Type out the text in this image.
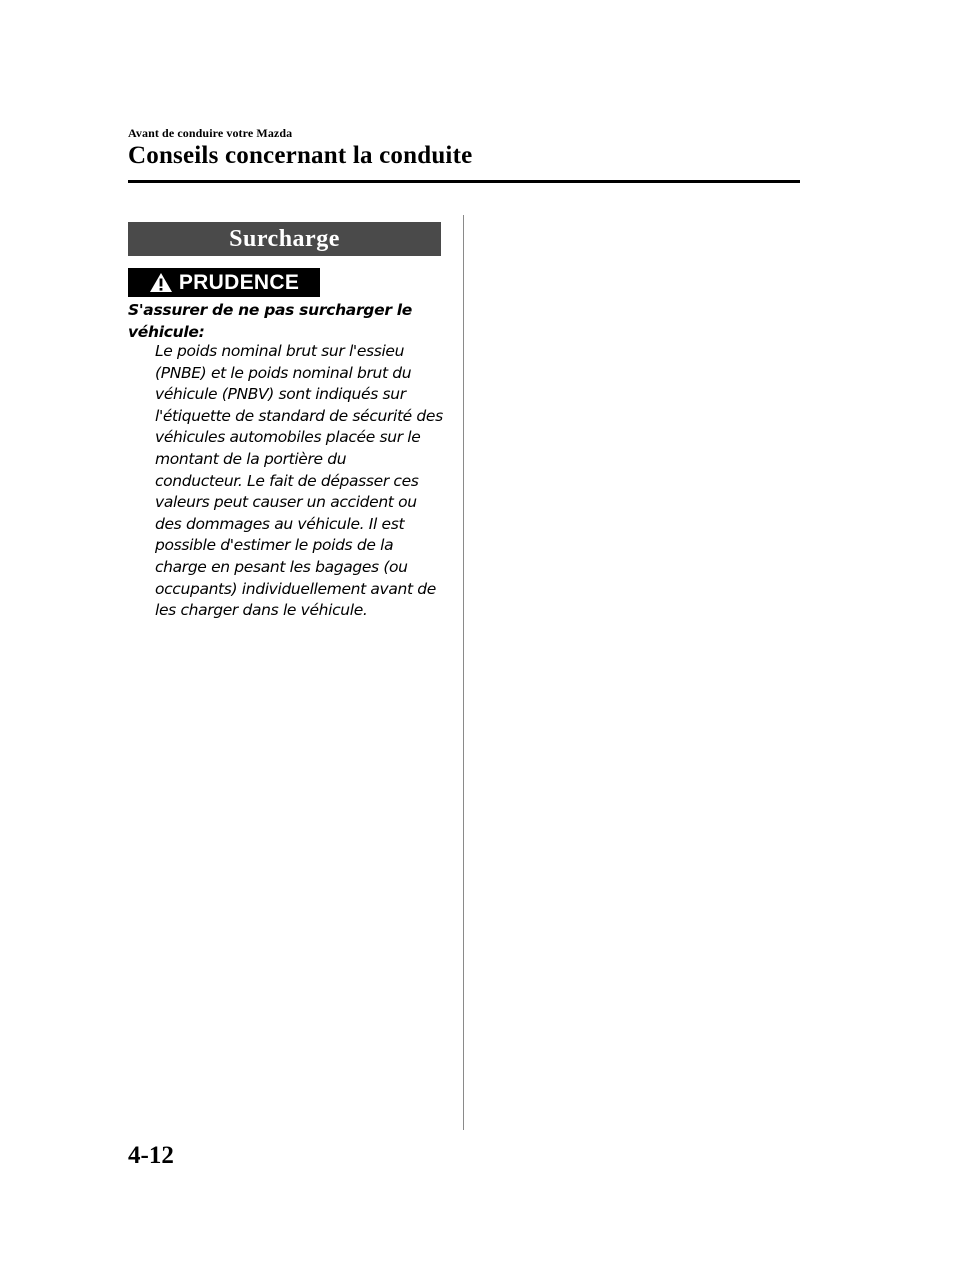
Avant de conduire votre Mazda
Conseils concernant la conduite
Surcharge
PRUDENCE
S'assurer de ne pas surcharger le
véhicule:
Le poids nominal brut sur l'essieu
(PNBE) et le poids nominal brut du
véhicule (PNBV) sont indiqués sur
l'étiquette de standard de sécurité des
véhicules automobiles placée sur le
montant de la portière du
conducteur. Le fait de dépasser ces
valeurs peut causer un accident ou
des dommages au véhicule. Il est
possible d'estimer le poids de la
charge en pesant les bagages (ou
occupants) individuellement avant de
les charger dans le véhicule.
4-12
